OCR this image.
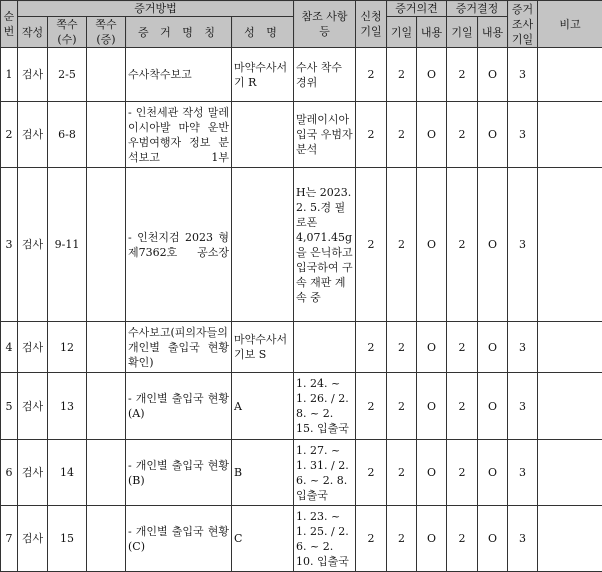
순번	증거방법					참조 사항 등	신청 기일	증거의견		증거결정		증거 조사 기일	비고
	작성	쪽수(수)	쪽수(증)	증 거 명 칭	성 명			기일	내용	기일	내용		
1	검사	2-5		수사착수보고	마약수사서 기 R	수사 착수 경위	2	2	O	2	O	3	
2	검사	6-8		- 인천세관 작성 말레이시아발 마약 운반 우범여행자 정보 분석보고 1부		말레이시아 입국 우범자 분석	2	2	O	2	O	3	
3	검사	9-11		- 인천지검 2023 형제7362호 공소장		H는 2023. 2. 5.경 필로폰 4,071.45g을 은닉하고 입국하여 구속 재판 계속 중	2	2	O	2	O	3	
4	검사	12		수사보고(피의자들의 개인별 출입국 현황 확인)	마약수사서 기보 S		2	2	O	2	O	3	
5	검사	13		- 개인별 출입국 현황(A)	A	1. 24. ~ 1. 26. / 2. 8. ~ 2. 15. 입출국	2	2	O	2	O	3	
6	검사	14		- 개인별 출입국 현황(B)	B	1. 27. ~ 1. 31. / 2. 6. ~ 2. 8. 입출국	2	2	O	2	O	3	
7	검사	15		- 개인별 출입국 현황(C)	C	1. 23. ~ 1. 25. / 2. 6. ~ 2. 10. 입출국	2	2	O	2	O	3	
